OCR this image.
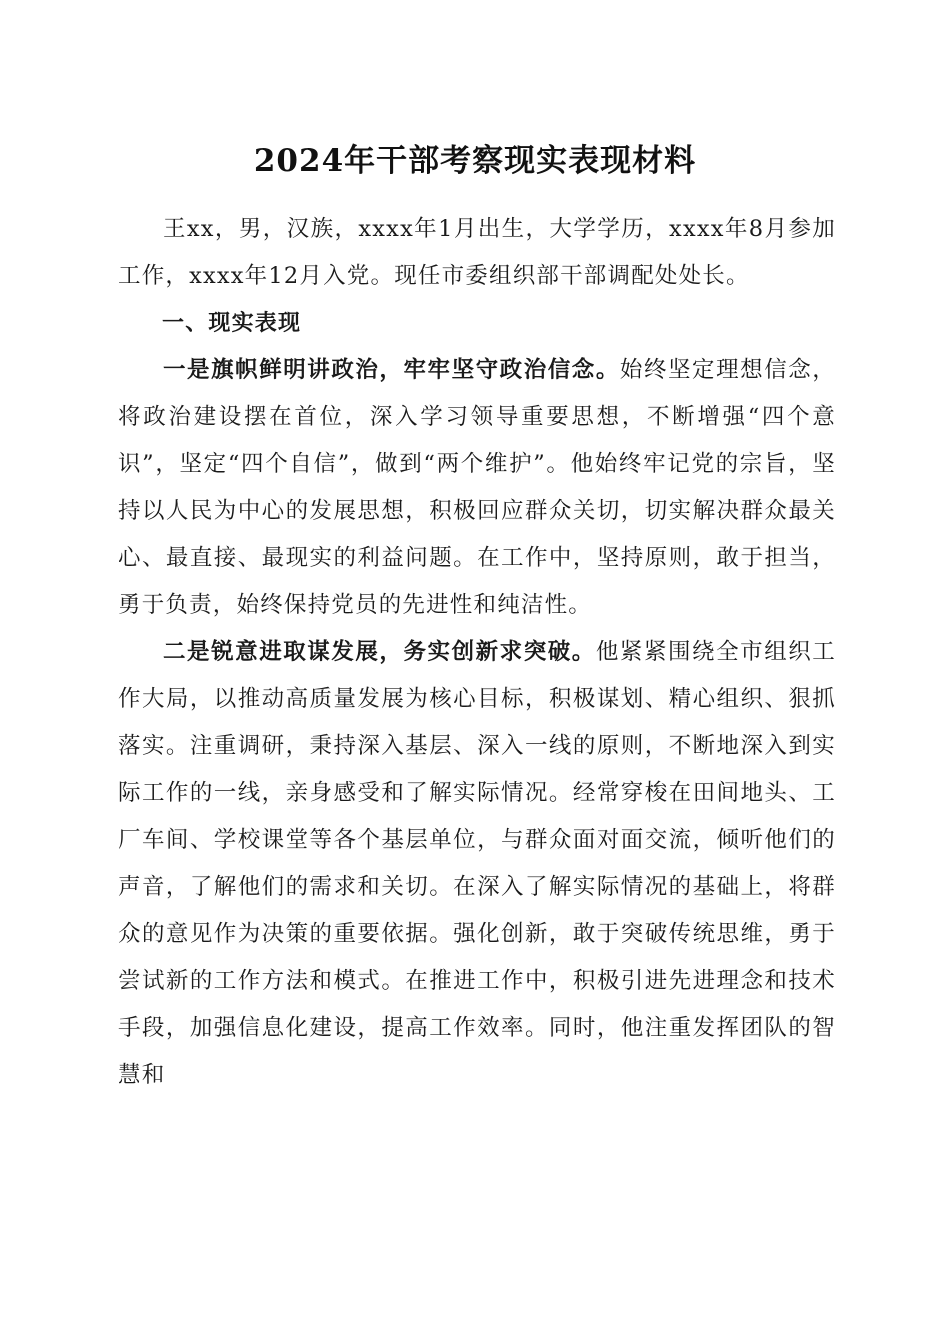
2024年干部考察现实表现材料

王xx，男，汉族，xxxx年1月出生，大学学历，xxxx年8月参加工作，xxxx年12月入党。现任市委组织部干部调配处处长。

一、现实表现

一是旗帜鲜明讲政治，牢牢坚守政治信念。始终坚定理想信念，将政治建设摆在首位，深入学习领导重要思想，不断增强“四个意识”，坚定“四个自信”，做到“两个维护”。他始终牢记党的宗旨，坚持以人民为中心的发展思想，积极回应群众关切，切实解决群众最关心、最直接、最现实的利益问题。在工作中，坚持原则，敢于担当，勇于负责，始终保持党员的先进性和纯洁性。

二是锐意进取谋发展，务实创新求突破。他紧紧围绕全市组织工作大局，以推动高质量发展为核心目标，积极谋划、精心组织、狠抓落实。注重调研，秉持深入基层、深入一线的原则，不断地深入到实际工作的一线，亲身感受和了解实际情况。经常穿梭在田间地头、工厂车间、学校课堂等各个基层单位，与群众面对面交流，倾听他们的声音，了解他们的需求和关切。在深入了解实际情况的基础上，将群众的意见作为决策的重要依据。强化创新，敢于突破传统思维，勇于尝试新的工作方法和模式。在推进工作中，积极引进先进理念和技术手段，加强信息化建设，提高工作效率。同时，他注重发挥团队的智慧和
